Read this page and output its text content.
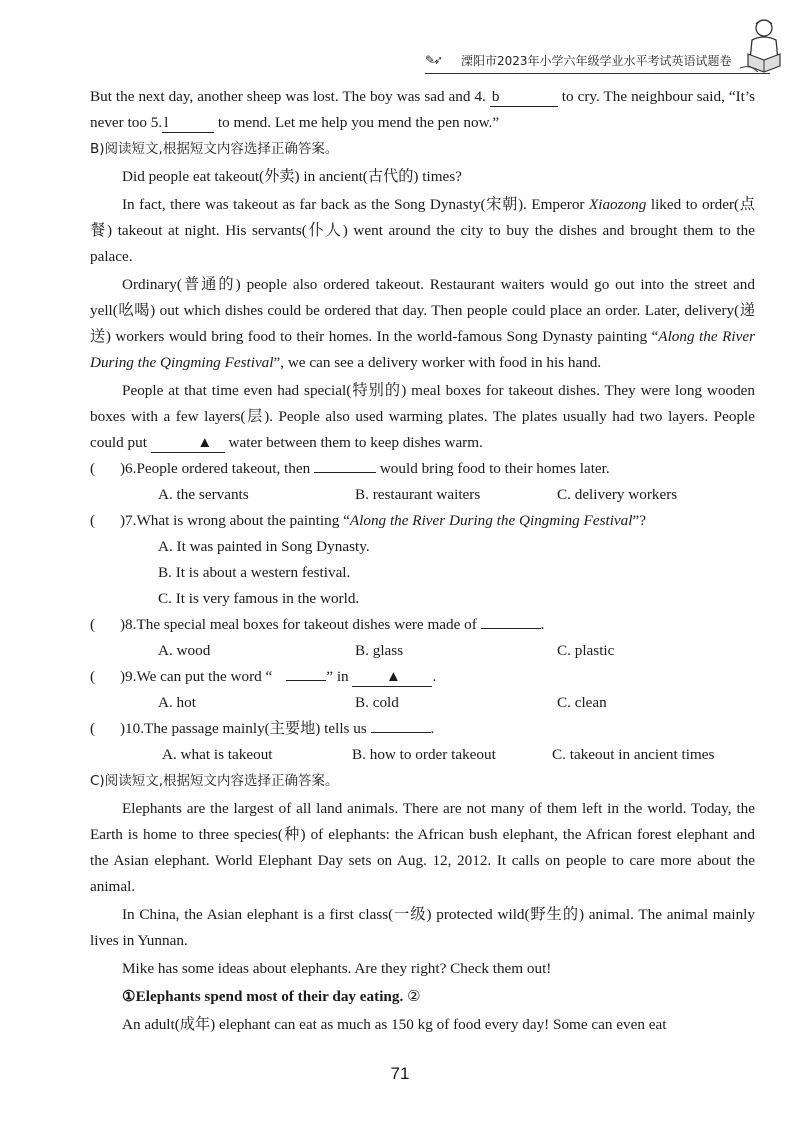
✎➶	溧阳市2023年小学六年级学业水平考试英语试题卷

But the next day, another sheep was lost. The boy was sad and 4. b	to cry. The neighbour said, “It’s never too 5. l	to mend. Let me help you mend the pen now.”

B)阅读短文,根据短文内容选择正确答案。

Did people eat takeout(外卖) in ancient(古代的) times?

In fact, there was takeout as far back as the Song Dynasty(宋朝). Emperor Xiaozong liked to order(点餐) takeout at night. His servants(仆人) went around the city to buy the dishes and brought them to the palace.

Ordinary(普通的) people also ordered takeout. Restaurant waiters would go out into the street and yell(吆喝) out which dishes could be ordered that day. Then people could place an order. Later, delivery(递送) workers would bring food to their homes. In the world-famous Song Dynasty painting “Along the River During the Qingming Festival”, we can see a delivery worker with food in his hand.

People at that time even had special(特别的) meal boxes for takeout dishes. They were long wooden boxes with a few layers(层). People also used warming plates. The plates usually had two layers. People could put	▲ water between them to keep dishes warm.

(	)6.People ordered takeout, then	would bring food to their homes later.
A. the servants	B. restaurant waiters	C. delivery workers
(	)7.What is wrong about the painting “Along the River During the Qingming Festival”?

A. It was painted in Song Dynasty.

B. It is about a western festival.

C. It is very famous in the world.

(	)8.The special meal boxes for takeout dishes were made of	.
A. wood	B. glass	C. plastic
(	)9.We can put the word “	” in ▲ .
A. hot	B. cold	C. clean
(	)10.The passage mainly(主要地) tells us	.
A. what is takeout	B. how to order takeout	C. takeout in ancient times

C)阅读短文,根据短文内容选择正确答案。

Elephants are the largest of all land animals. There are not many of them left in the world. Today, the Earth is home to three species(种) of elephants: the African bush elephant, the African forest elephant and the Asian elephant. World Elephant Day sets on Aug. 12, 2012. It calls on people to care more about the animal.

In China, the Asian elephant is a first class(一级) protected wild(野生的) animal. The animal mainly lives in Yunnan.

Mike has some ideas about elephants. Are they right? Check them out!

①Elephants spend most of their day eating. ②

An adult(成年) elephant can eat as much as 150 kg of food every day! Some can even eat

71
